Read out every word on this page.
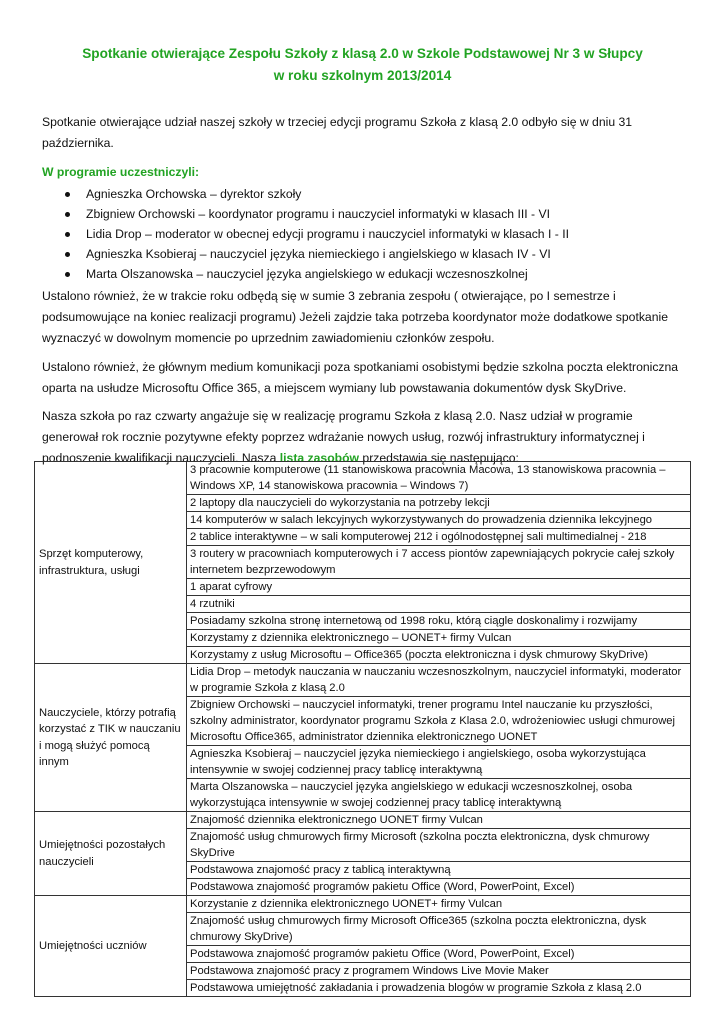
Spotkanie otwierające Zespołu Szkoły z klasą 2.0 w Szkole Podstawowej Nr 3 w Słupcy
w roku szkolnym 2013/2014

Spotkanie otwierające udział naszej szkoły w trzeciej edycji programu Szkoła z klasą 2.0 odbyło się w dniu 31 października.

W programie uczestniczyli:
Agnieszka Orchowska – dyrektor szkoły
Zbigniew Orchowski – koordynator programu i nauczyciel informatyki w klasach III - VI
Lidia Drop – moderator w obecnej edycji programu i nauczyciel informatyki w klasach I - II
Agnieszka Ksobieraj – nauczyciel języka niemieckiego i angielskiego w klasach IV - VI
Marta Olszanowska – nauczyciel języka angielskiego w edukacji wczesnoszkolnej

Ustalono również, że w trakcie roku odbędą się w sumie 3 zebrania zespołu ( otwierające, po I semestrze i podsumowujące na koniec realizacji programu) Jeżeli zajdzie taka potrzeba koordynator może dodatkowe spotkanie wyznaczyć w dowolnym momencie po uprzednim zawiadomieniu członków zespołu.

Ustalono również, że głównym medium komunikacji poza spotkaniami osobistymi będzie szkolna poczta elektroniczna oparta na usłudze Microsoftu Office 365, a miejscem wymiany lub powstawania dokumentów dysk SkyDrive.

Nasza szkoła po raz czwarty angażuje się w realizację programu Szkoła z klasą 2.0. Nasz udział w programie generował rok rocznie pozytywne efekty poprzez wdrażanie nowych usług, rozwój infrastruktury informatycznej i podnoszenie kwalifikacji nauczycieli. Nasza lista zasobów przedstawia się następująco:

Sprzęt komputerowy, infrastruktura, usługi	3 pracownie komputerowe (11 stanowiskowa pracownia Macowa, 13 stanowiskowa pracownia – Windows XP, 14 stanowiskowa pracownia – Windows 7)
	2 laptopy dla nauczycieli do wykorzystania na potrzeby lekcji
	14 komputerów w salach lekcyjnych wykorzystywanych do prowadzenia dziennika lekcyjnego
	2 tablice interaktywne – w sali komputerowej 212 i ogólnodostępnej sali multimedialnej - 218
	3 routery w pracowniach komputerowych i 7 access piontów zapewniających pokrycie całej szkoły internetem bezprzewodowym
	1 aparat cyfrowy
	4 rzutniki
	Posiadamy szkolna stronę internetową od 1998 roku, którą ciągle doskonalimy i rozwijamy
	Korzystamy z dziennika elektronicznego – UONET+ firmy Vulcan
	Korzystamy z usług Microsoftu – Office365 (poczta elektroniczna i dysk chmurowy SkyDrive)
Nauczyciele, którzy potrafią korzystać z TIK w nauczaniu i mogą służyć pomocą innym	Lidia Drop – metodyk nauczania w nauczaniu wczesnoszkolnym, nauczyciel informatyki, moderator w programie Szkoła z klasą 2.0
	Zbigniew Orchowski – nauczyciel informatyki, trener programu Intel nauczanie ku przyszłości, szkolny administrator, koordynator programu Szkoła z Klasa 2.0, wdrożeniowiec usługi chmurowej Microsoftu Office365, administrator dziennika elektronicznego UONET
	Agnieszka Ksobieraj – nauczyciel języka niemieckiego i angielskiego, osoba wykorzystująca intensywnie w swojej codziennej pracy tablicę interaktywną
	Marta Olszanowska – nauczyciel języka angielskiego w edukacji wczesnoszkolnej, osoba wykorzystująca intensywnie w swojej codziennej pracy tablicę interaktywną
Umiejętności pozostałych nauczycieli	Znajomość dziennika elektronicznego UONET firmy Vulcan
	Znajomość usług chmurowych firmy Microsoft (szkolna poczta elektroniczna, dysk chmurowy SkyDrive
	Podstawowa znajomość pracy z tablicą interaktywną
	Podstawowa znajomość programów pakietu Office (Word, PowerPoint, Excel)
Umiejętności uczniów	Korzystanie z dziennika elektronicznego UONET+ firmy Vulcan
	Znajomość usług chmurowych firmy Microsoft Office365 (szkolna poczta elektroniczna, dysk chmurowy SkyDrive)
	Podstawowa znajomość programów pakietu Office (Word, PowerPoint, Excel)
	Podstawowa znajomość pracy z programem Windows Live Movie Maker
	Podstawowa umiejętność zakładania i prowadzenia blogów w programie Szkoła z klasą 2.0
